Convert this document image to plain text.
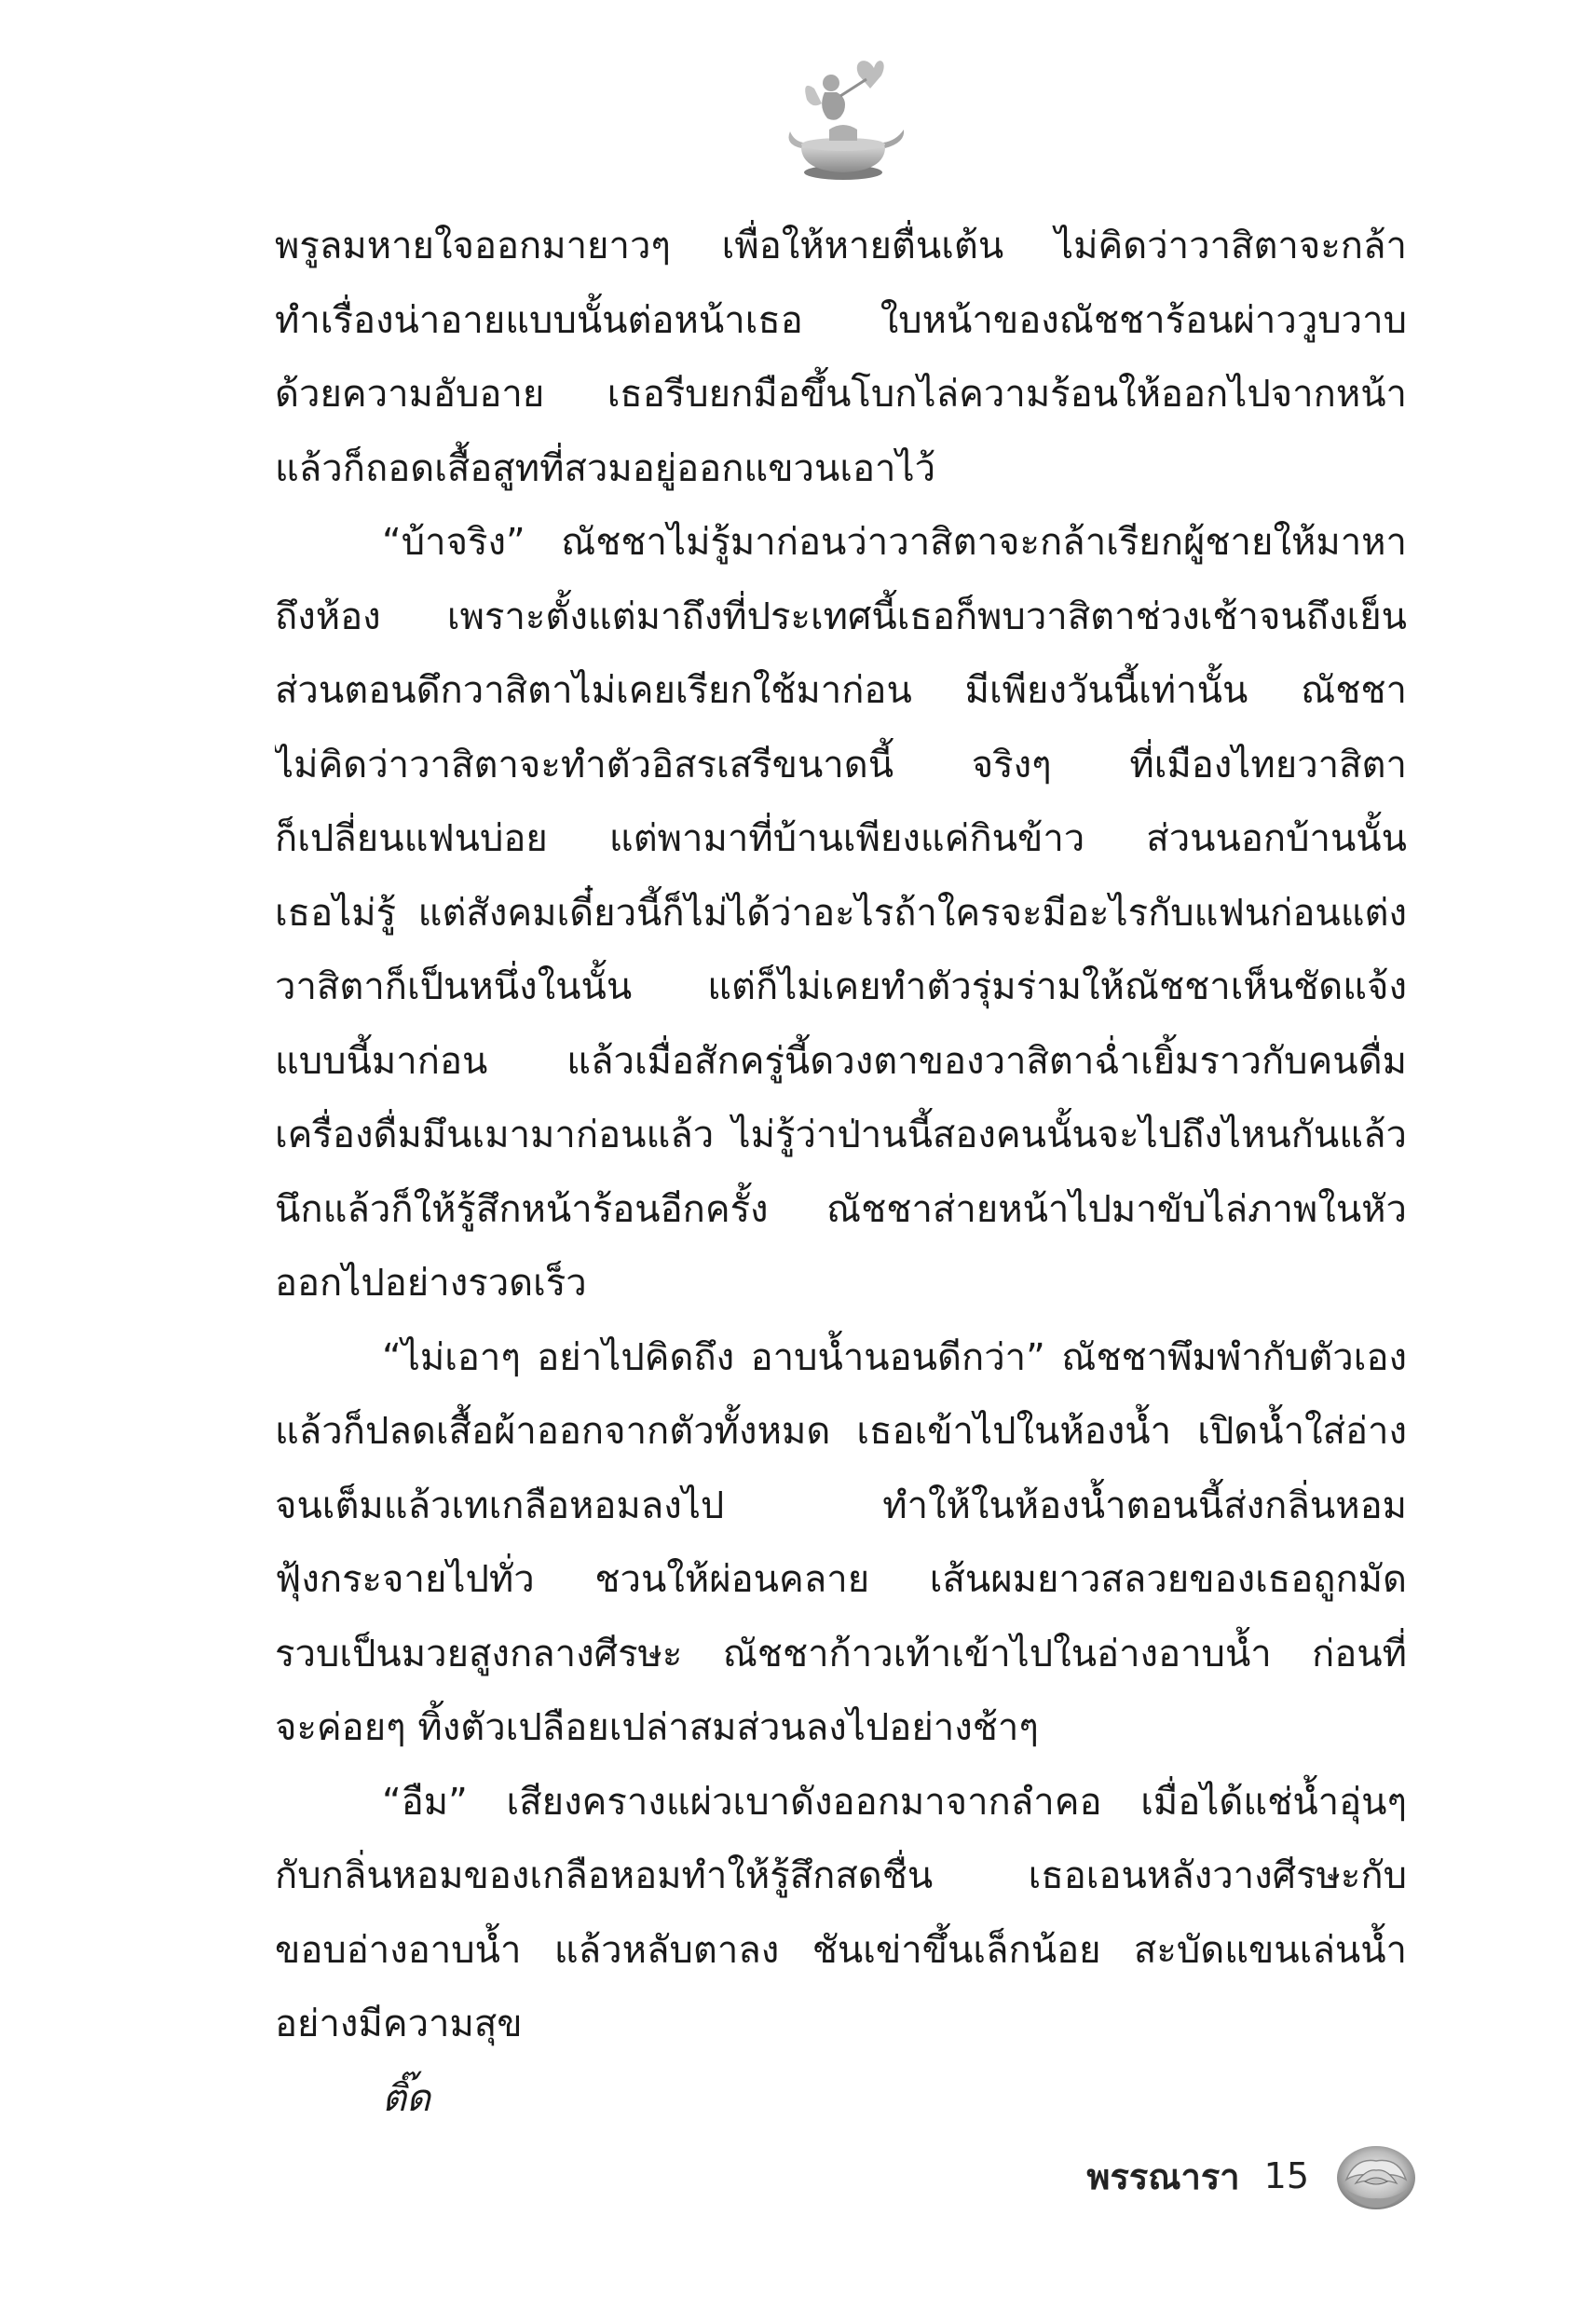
พรูลมหายใจออกมายาวๆ เพื่อให้หายตื่นเต้น ไม่คิดว่าวาสิตาจะกล้า
ทำเรื่องน่าอายแบบนั้นต่อหน้าเธอ ใบหน้าของณัชชาร้อนผ่าววูบวาบ
ด้วยความอับอาย เธอรีบยกมือขึ้นโบกไล่ความร้อนให้ออกไปจากหน้า
แล้วก็ถอดเสื้อสูทที่สวมอยู่ออกแขวนเอาไว้
“บ้าจริง” ณัชชาไม่รู้มาก่อนว่าวาสิตาจะกล้าเรียกผู้ชายให้มาหา
ถึงห้อง เพราะตั้งแต่มาถึงที่ประเทศนี้เธอก็พบวาสิตาช่วงเช้าจนถึงเย็น
ส่วนตอนดึกวาสิตาไม่เคยเรียกใช้มาก่อน มีเพียงวันนี้เท่านั้น ณัชชา
ไม่คิดว่าวาสิตาจะทำตัวอิสรเสรีขนาดนี้ จริงๆ ที่เมืองไทยวาสิตา
ก็เปลี่ยนแฟนบ่อย แต่พามาที่บ้านเพียงแค่กินข้าว ส่วนนอกบ้านนั้น
เธอไม่รู้ แต่สังคมเดี๋ยวนี้ก็ไม่ได้ว่าอะไรถ้าใครจะมีอะไรกับแฟนก่อนแต่ง
วาสิตาก็เป็นหนึ่งในนั้น แต่ก็ไม่เคยทำตัวรุ่มร่ามให้ณัชชาเห็นชัดแจ้ง
แบบนี้มาก่อน แล้วเมื่อสักครู่นี้ดวงตาของวาสิตาฉ่ำเยิ้มราวกับคนดื่ม
เครื่องดื่มมึนเมามาก่อนแล้ว ไม่รู้ว่าป่านนี้สองคนนั้นจะไปถึงไหนกันแล้ว
นึกแล้วก็ให้รู้สึกหน้าร้อนอีกครั้ง ณัชชาส่ายหน้าไปมาขับไล่ภาพในหัว
ออกไปอย่างรวดเร็ว
“ไม่เอาๆ อย่าไปคิดถึง อาบน้ำนอนดีกว่า” ณัชชาพึมพำกับตัวเอง
แล้วก็ปลดเสื้อผ้าออกจากตัวทั้งหมด เธอเข้าไปในห้องน้ำ เปิดน้ำใส่อ่าง
จนเต็มแล้วเทเกลือหอมลงไป ทำให้ในห้องน้ำตอนนี้ส่งกลิ่นหอม
ฟุ้งกระจายไปทั่ว ชวนให้ผ่อนคลาย เส้นผมยาวสลวยของเธอถูกมัด
รวบเป็นมวยสูงกลางศีรษะ ณัชชาก้าวเท้าเข้าไปในอ่างอาบน้ำ ก่อนที่
จะค่อยๆ ทิ้งตัวเปลือยเปล่าสมส่วนลงไปอย่างช้าๆ
“อืม” เสียงครางแผ่วเบาดังออกมาจากลำคอ เมื่อได้แช่น้ำอุ่นๆ
กับกลิ่นหอมของเกลือหอมทำให้รู้สึกสดชื่น เธอเอนหลังวางศีรษะกับ
ขอบอ่างอาบน้ำ แล้วหลับตาลง ชันเข่าขึ้นเล็กน้อย สะบัดแขนเล่นน้ำ
อย่างมีความสุข
ติ๊ด
พรรณารา 15
